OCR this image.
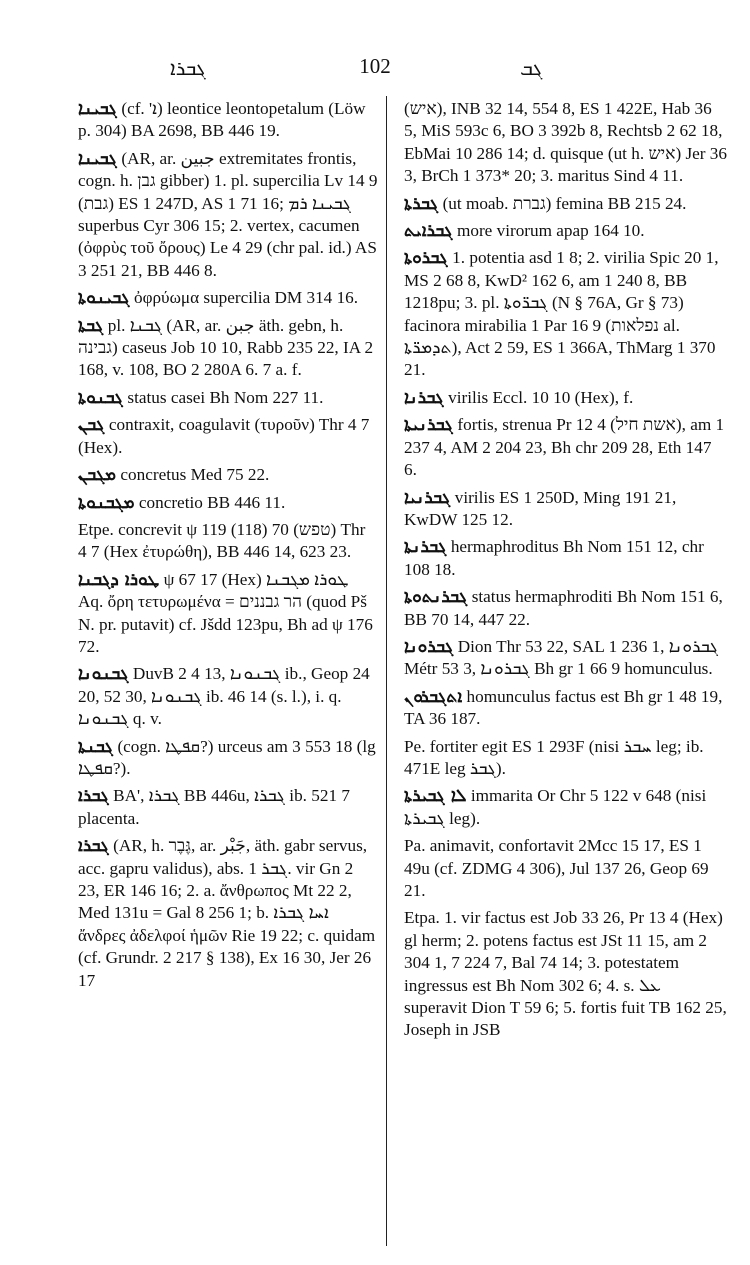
ܓܒܪܐ	102	ܓܒ

ܓܒܝܢܐ (cf. 'ܐ) leontice leontopetalum (Löw p. 304) BA 2698, BB 446 19.

ܓܒܝܢܐ (AR, ar. جبين extremitates frontis, cogn. h. גבן gibber) 1. pl. supercilia Lv 14 9 (גבת) ES 1 247D, AS 1 71 16; ܓܒܝܢܐ ܪܡ superbus Cyr 306 15; 2. vertex, cacumen (ὀφρὺς τοῦ ὄρους) Le 4 29 (chr pal. id.) AS 3 251 21, BB 446 8.

ܓܒܝܢܘܬܐ ὀφρύωμα supercilia DM 314 16.

ܓܒܬܐ pl. ܓܒܢܐ (AR, ar. جبن äth. gebn, h. גבינה) caseus Job 10 10, Rabb 235 22, IA 2 168, v. 108, BO 2 280A 6. 7 a. f.

ܓܒܢܘܬܐ status casei Bh Nom 227 11.

ܓܒܢ contraxit, coagulavit (τυροῦν) Thr 4 7 (Hex).

ܡܓܒܢ concretus Med 75 22.

ܡܓܒܢܘܬܐ concretio BB 446 11.

Etpe. concrevit ψ 119 (118) 70 (טפש) Thr 4 7 (Hex ἐτυρώθη), BB 446 14, 623 23.

ܛܘܪܐ ܕܓܒܢܐ ψ 67 17 (Hex) ܛܘܪܐ ܡܓܒܢܐ Aq. ὄρη τετυρωμένα = הר גבננים (quod Pš N. pr. putavit) cf. Jšdd 123pu, Bh ad ψ 176 72.

ܓܒܢܘܢܐ DuvB 2 4 13, ܓܒܢܘܢܐ ib., Geop 24 20, 52 30, ܓܒܢܘܢܐ ib. 46 14 (s. l.), i. q. ܓܒܢܘܢܐ q. v.

ܓܒܢܬܐ (cogn. ܩܦܛܐ?) urceus am 3 553 18 (lg ܩܦܛܐ?).

ܓܒܪܐ BA', ܓܒܪܐ BB 446u, ܓܒܪܐ ib. 521 7 placenta.

ܓܒܪܐ (AR, h. גֶּבֶר, ar. جَبْر, äth. gabr servus, acc. gapru validus), abs. ܓܒܪ 1. vir Gn 2 23, ER 146 16; 2. a. ἄνθρωπος Mt 22 2, Med 131u = Gal 8 256 1; b. ܐܚܐ ܓܒܪܐ ἄνδρες ἀδελφοί ἡμῶν Rie 19 22; c. quidam (cf. Grundr. 2 217 § 138), Ex 16 30, Jer 26 17

(איש), INB 32 14, 554 8, ES 1 422E, Hab 36 5, MiS 593c 6, BO 3 392b 8, Rechtsb 2 62 18, EbMai 10 286 14; d. quisque (ut h. איש) Jer 36 3, BrCh 1 373* 20; 3. maritus Sind 4 11.

ܓܒܪܬܐ (ut moab. גברת) femina BB 215 24.

ܓܒܪܐܝܬ more virorum apap 164 10.

ܓܒܪܘܬܐ 1. potentia asd 1 8; 2. virilia Spic 20 1, MS 2 68 8, KwD² 162 6, am 1 240 8, BB 1218pu; 3. pl. ܓܒܪ̈ܘܬܐ (N § 76A, Gr § 73) facinora mirabilia 1 Par 16 9 (נפלאות al. ܬܕܡܪ̈ܬܐ), Act 2 59, ES 1 366A, ThMarg 1 370 21.

ܓܒܪܢܐ virilis Eccl. 10 10 (Hex), f.

ܓܒܪܢܝܬܐ fortis, strenua Pr 12 4 (אשת חיל), am 1 237 4, AM 2 204 23, Bh chr 209 28, Eth 147 6.

ܓܒܪܢܝܐ virilis ES 1 250D, Ming 191 21, KwDW 125 12.

ܓܒܪܢܬܐ hermaphroditus Bh Nom 151 12, chr 108 18.

ܓܒܪܢܬܘܬܐ status hermaphroditi Bh Nom 151 6, BB 70 14, 447 22.

ܓܒܪܘܢܐ Dion Thr 53 22, SAL 1 236 1, ܓܒܪܘܢܐ Métr 53 3, ܓܒܪܘܢܐ Bh gr 1 66 9 homunculus.

ܐܬܓܒܪܘܢ homunculus factus est Bh gr 1 48 19, TA 36 187.

Pe. fortiter egit ES 1 293F (nisi ܚܒܪ leg; ib. 471E leg ܓܒܪ).

ܠܐ ܓܒܝܪܬܐ immarita Or Chr 5 122 v 648 (nisi ܓܒܝܪܬܐ leg).

Pa. animavit, confortavit 2Mcc 15 17, ES 1 49u (cf. ZDMG 4 306), Jul 137 26, Geop 69 21.

Etpa. 1. vir factus est Job 33 26, Pr 13 4 (Hex) gl herm; 2. potens factus est JSt 11 15, am 2 304 1, 7 224 7, Bal 74 14; 3. potestatem ingressus est Bh Nom 302 6; 4. s. ܥܠ superavit Dion T 59 6; 5. fortis fuit TB 162 25, Joseph in JSB
